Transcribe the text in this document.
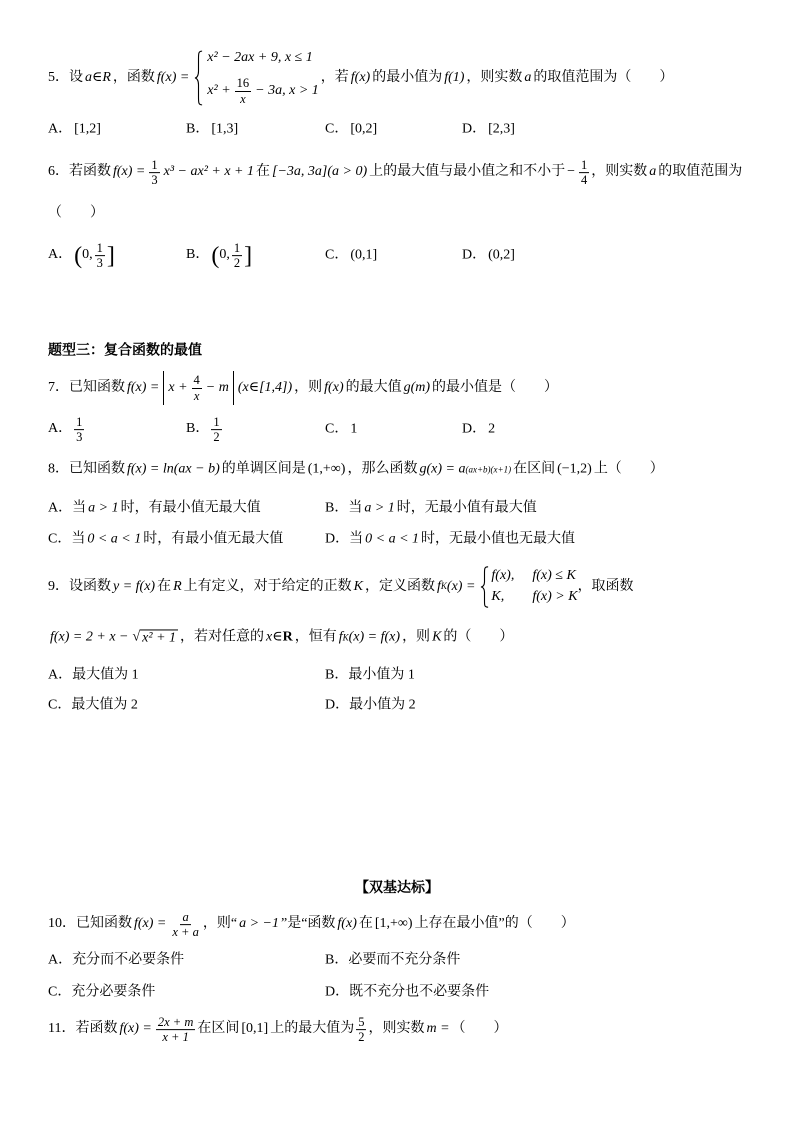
5． 设 a∈R ，函数 f(x) =
x² − 2ax + 9, x ≤ 1
$x^2 + \frac{16}{x} - 3a$, x > 1
，若 f(x) 的最小值为 f(1) ，则实数 a 的取值范围为（　　）
A． [1,2]	B． [1,3]	C． [0,2]	D． [2,3]
6． 若函数 $f(x) = \frac{1}{3} x^3 - ax^2 + x + 1$ 在 [−3a, 3a](a > 0) 上的最大值与最小值之和不小于 − $\frac{1}{4}$ ，则实数 a 的取值范围为
（　　）
A． ( 0, $\frac{1}{3}$ ]	B． ( 0, $\frac{1}{2}$ ]	C． (0,1]	D． (0,2]
题型三：复合函数的最值
7． 已知函数 $f(x) = x + \frac{4}{x} - m$ (x∈[1,4]) ，则 f(x) 的最大值 g(m) 的最小值是（　　）
A． $\frac{1}{3}$	B． $\frac{1}{2}$	C． 1	D． 2
8． 已知函数 f(x) = ln(ax − b) 的单调区间是 (1,+∞) ，那么函数 g(x) = a (ax+b)(x+1) 在区间 (−1,2) 上（　　）
A． 当 a > 1 时，有最小值无最大值	B． 当 a > 1 时，无最小值有最大值
C． 当 0 < a < 1 时，有最小值无最大值	D． 当 0 < a < 1 时，无最小值也无最大值
9． 设函数 y = f(x) 在 R 上有定义，对于给定的正数 K ，定义函数 f K (x) =
f(x), f(x) ≤ K
K,	f(x) > K
，取函数
f(x) = 2 + x − √ x² + 1 ，若对任意的 x∈ R ，恒有 f K (x) = f(x) ，则 K 的（　　）
A． 最大值为 1	B． 最小值为 1
C． 最大值为 2	D． 最小值为 2
【双基达标】
10． 已知函数 $f(x) = \frac{a}{x + a}$ ，则“ a > −1 ”是“函数 f(x) 在 [1,+∞) 上存在最小值”的（　　）
A． 充分而不必要条件	B． 必要而不充分条件
C． 充分必要条件	D． 既不充分也不必要条件
11． 若函数 $f(x) = \frac{2x + m}{x + 1}$ 在区间 [0,1] 上的最大值为 $\frac{5}{2}$ ，则实数 m = （　　）
